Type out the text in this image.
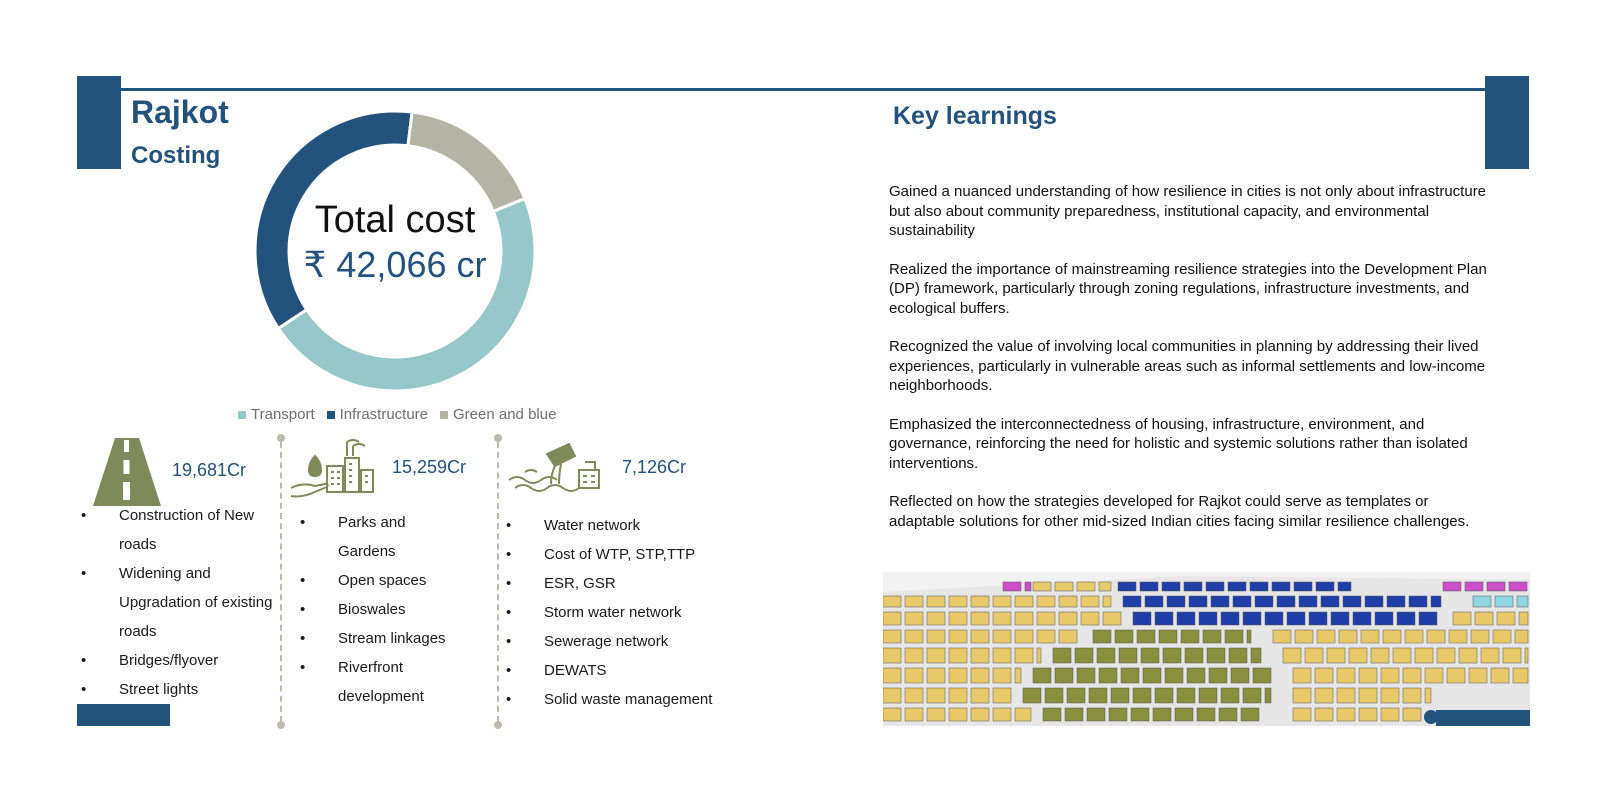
Rajkot
Costing
Key learnings
Total cost
₹ 42,066 cr
Transport Infrastructure Green and blue
19,681Cr
• Construction of New roads
• Widening and Upgradation of existing roads
• Bridges/flyover
• Street lights
15,259Cr
• Parks and Gardens
• Open spaces
• Bioswales
• Stream linkages
• Riverfront development
7,126Cr
• Water network
• Cost of WTP, STP,TTP
• ESR, GSR
• Storm water network
• Sewerage network
• DEWATS
• Solid waste management

Gained a nuanced understanding of how resilience in cities is not only about infrastructure but also about community preparedness, institutional capacity, and environmental sustainability

Realized the importance of mainstreaming resilience strategies into the Development Plan (DP) framework, particularly through zoning regulations, infrastructure investments, and ecological buffers.

Recognized the value of involving local communities in planning by addressing their lived experiences, particularly in vulnerable areas such as informal settlements and low-income neighborhoods.

Emphasized the interconnectedness of housing, infrastructure, environment, and governance, reinforcing the need for holistic and systemic solutions rather than isolated interventions.

Reflected on how the strategies developed for Rajkot could serve as templates or adaptable solutions for other mid-sized Indian cities facing similar resilience challenges.
